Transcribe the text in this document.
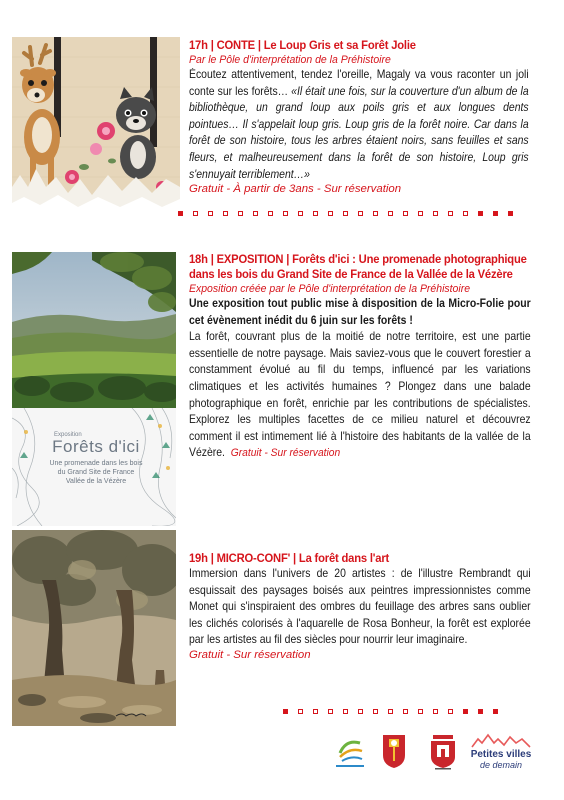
17h | CONTE | Le Loup Gris et sa Forêt Jolie
Par le Pôle d'interprétation de la Préhistoire
Écoutez attentivement, tendez l'oreille, Magaly va vous raconter un joli conte sur les forêts… «Il était une fois, sur la couverture d'un album de la bibliothèque, un grand loup aux poils gris et aux longues dents pointues… Il s'appelait loup gris. Loup gris de la forêt noire. Car dans la forêt de son histoire, tous les arbres étaient noirs, sans feuilles et sans fleurs, et malheureusement dans la forêt de son histoire, Loup gris s'ennuyait terriblement…»
Gratuit - À partir de 3ans - Sur réservation
Exposition
Forêts d'ici
Une promenade dans les bois du Grand Site de France Vallée de la Vézère
18h | EXPOSITION | Forêts d'ici : Une promenade photographique
dans les bois du Grand Site de France de la Vallée de la Vézère
Exposition créée par le Pôle d'interprétation de la Préhistoire
Une exposition tout public mise à disposition de la Micro-Folie pour cet évènement inédit du 6 juin sur les forêts !
La forêt, couvrant plus de la moitié de notre territoire, est une partie essentielle de notre paysage. Mais saviez-vous que le couvert forestier a constamment évolué au fil du temps, influencé par les variations climatiques et les activités humaines ? Plongez dans une balade photographique en forêt, enrichie par les contributions de spécialistes. Explorez les multiples facettes de ce milieu naturel et découvrez comment il est intimement lié à l'histoire des habitants de la vallée de la Vézère. Gratuit - Sur réservation
19h | MICRO-CONF' | La forêt dans l'art
Immersion dans l'univers de 20 artistes : de l'illustre Rembrandt qui esquissait des paysages boisés aux peintres impressionnistes comme Monet qui s'inspiraient des ombres du feuillage des arbres sans oublier les clichés colorisés à l'aquarelle de Rosa Bonheur, la forêt est explorée par les artistes au fil des siècles pour nourrir leur imaginaire.
Gratuit - Sur réservation
Petites villes
de demain
